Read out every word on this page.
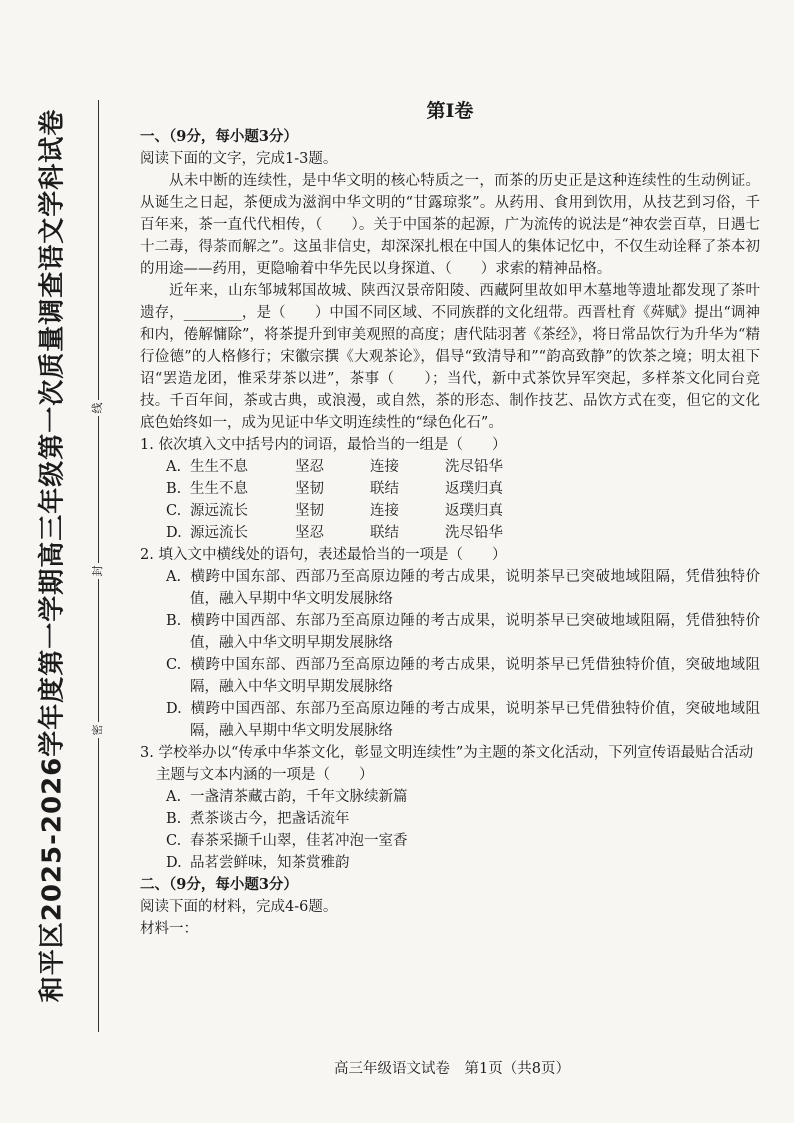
和平区2025-2026学年度第一学期高三年级第一次质量调查语文学科试卷 线
封
密

第I卷

一、（9分，每小题3分）

阅读下面的文字，完成1-3题。

从未中断的连续性，是中华文明的核心特质之一，而茶的历史正是这种连续性的生动例证。从诞生之日起，茶便成为滋润中华文明的“甘露琼浆”。从药用、食用到饮用，从技艺到习俗，千百年来，茶一直代代相传，（　　）。关于中国茶的起源，广为流传的说法是“神农尝百草，日遇七十二毒，得荼而解之”。这虽非信史，却深深扎根在中国人的集体记忆中，不仅生动诠释了茶本初的用途——药用，更隐喻着中华先民以身探道、（　　）求索的精神品格。

近年来，山东邹城邾国故城、陕西汉景帝阳陵、西藏阿里故如甲木墓地等遗址都发现了茶叶遗存，________，是（　　）中国不同区域、不同族群的文化纽带。西晋杜育《荈赋》提出“调神和内，倦解慵除”，将茶提升到审美观照的高度；唐代陆羽著《茶经》，将日常品饮行为升华为“精行俭德”的人格修行；宋徽宗撰《大观茶论》，倡导“致清导和”“韵高致静”的饮茶之境；明太祖下诏“罢造龙团，惟采芽茶以进”，茶事（　　）；当代，新中式茶饮异军突起，多样茶文化同台竞技。千百年间，茶或古典，或浪漫，或自然，茶的形态、制作技艺、品饮方式在变，但它的文化底色始终如一，成为见证中华文明连续性的“绿色化石”。

1. 依次填入文中括号内的词语，最恰当的一组是（　　）

A. 生生不息	坚忍	连接	洗尽铅华
B. 生生不息	坚韧	联结	返璞归真
C. 源远流长	坚韧	连接	返璞归真
D. 源远流长	坚忍	联结	洗尽铅华

2. 填入文中横线处的语句，表述最恰当的一项是（　　）

A. 横跨中国东部、西部乃至高原边陲的考古成果，说明茶早已突破地域阻隔，凭借独特价值，融入早期中华文明发展脉络

B. 横跨中国西部、东部乃至高原边陲的考古成果，说明茶早已突破地域阻隔，凭借独特价值，融入中华文明早期发展脉络

C. 横跨中国东部、西部乃至高原边陲的考古成果，说明茶早已凭借独特价值，突破地域阻隔，融入中华文明早期发展脉络

D. 横跨中国西部、东部乃至高原边陲的考古成果，说明茶早已凭借独特价值，突破地域阻隔，融入早期中华文明发展脉络

3. 学校举办以“传承中华茶文化，彰显文明连续性”为主题的茶文化活动，下列宣传语最贴合活动主题与文本内涵的一项是（　　）

A. 一盏清茶藏古韵，千年文脉续新篇

B. 煮茶谈古今，把盏话流年

C. 春茶采撷千山翠，佳茗冲泡一室香

D. 品茗尝鲜味，知茶赏雅韵

二、（9分，每小题3分）

阅读下面的材料，完成4-6题。

材料一：

高三年级语文试卷　第1页（共8页）
